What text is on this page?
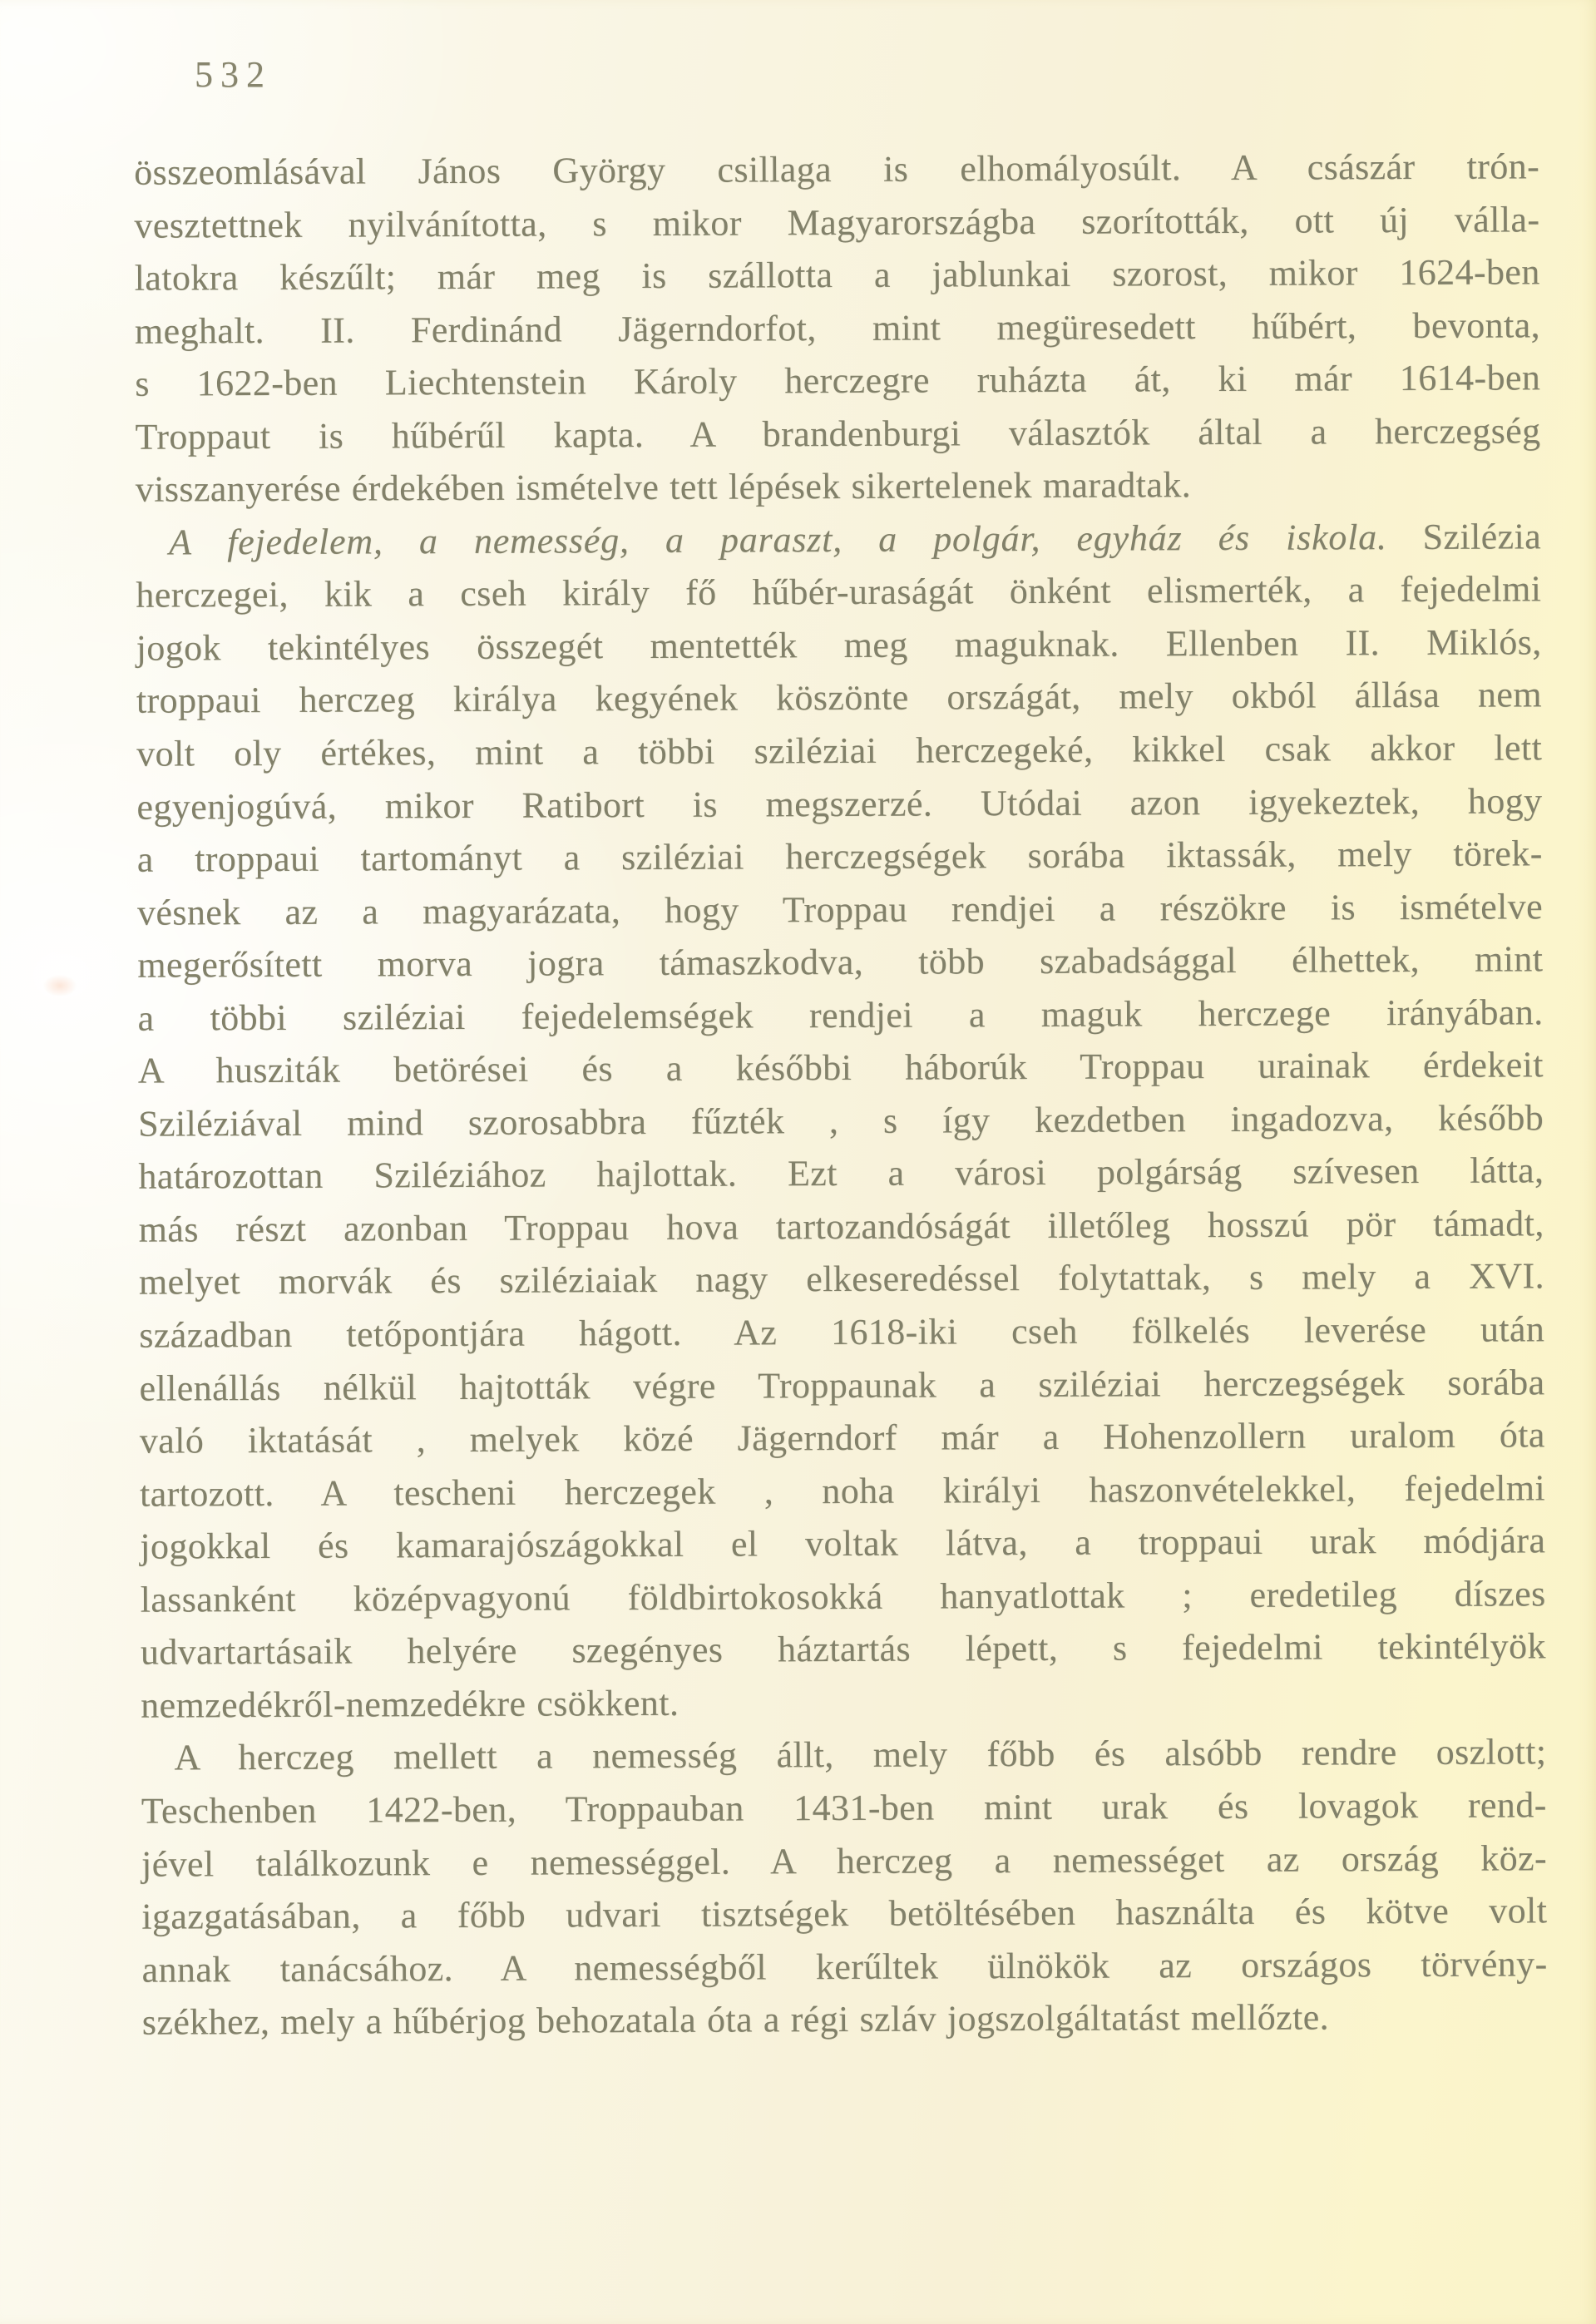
532
összeomlásával János György csillaga is elhomályosúlt. A császár trón-
vesztettnek nyilvánította, s mikor Magyarországba szorították, ott új válla-
latokra készűlt; már meg is szállotta a jablunkai szorost, mikor 1624-ben
meghalt. II. Ferdinánd Jägerndorfot, mint megüresedett hűbért, bevonta,
s 1622-ben Liechtenstein Károly herczegre ruházta át, ki már 1614-ben
Troppaut is hűbérűl kapta. A brandenburgi választók által a herczegség
visszanyerése érdekében ismételve tett lépések sikertelenek maradtak.
A fejedelem, a nemesség, a paraszt, a polgár, egyház és iskola. Szilézia
herczegei, kik a cseh király fő hűbér-uraságát önként elismerték, a fejedelmi
jogok tekintélyes összegét mentették meg maguknak. Ellenben II. Miklós,
troppaui herczeg királya kegyének köszönte országát, mely okból állása nem
volt oly értékes, mint a többi sziléziai herczegeké, kikkel csak akkor lett
egyenjogúvá, mikor Ratibort is megszerzé. Utódai azon igyekeztek, hogy
a troppaui tartományt a sziléziai herczegségek sorába iktassák, mely törek-
vésnek az a magyarázata, hogy Troppau rendjei a részökre is ismételve
megerősített morva jogra támaszkodva, több szabadsággal élhettek, mint
a többi sziléziai fejedelemségek rendjei a maguk herczege irányában.
A husziták betörései és a későbbi háborúk Troppau urainak érdekeit
Sziléziával mind szorosabbra fűzték , s így kezdetben ingadozva, később
határozottan Sziléziához hajlottak. Ezt a városi polgárság szívesen látta,
más részt azonban Troppau hova tartozandóságát illetőleg hosszú pör támadt,
melyet morvák és sziléziaiak nagy elkeseredéssel folytattak, s mely a XVI.
században tetőpontjára hágott. Az 1618-iki cseh fölkelés leverése után
ellenállás nélkül hajtották végre Troppaunak a sziléziai herczegségek sorába
való iktatását , melyek közé Jägerndorf már a Hohenzollern uralom óta
tartozott. A tescheni herczegek , noha királyi haszonvételekkel, fejedelmi
jogokkal és kamarajószágokkal el voltak látva, a troppaui urak módjára
lassanként középvagyonú földbirtokosokká hanyatlottak ; eredetileg díszes
udvartartásaik helyére szegényes háztartás lépett, s fejedelmi tekintélyök
nemzedékről-nemzedékre csökkent.
A herczeg mellett a nemesség állt, mely főbb és alsóbb rendre oszlott;
Teschenben 1422-ben, Troppauban 1431-ben mint urak és lovagok rend-
jével találkozunk e nemességgel. A herczeg a nemességet az ország köz-
igazgatásában, a főbb udvari tisztségek betöltésében használta és kötve volt
annak tanácsához. A nemességből kerűltek ülnökök az országos törvény-
székhez, mely a hűbérjog behozatala óta a régi szláv jogszolgáltatást mellőzte.
